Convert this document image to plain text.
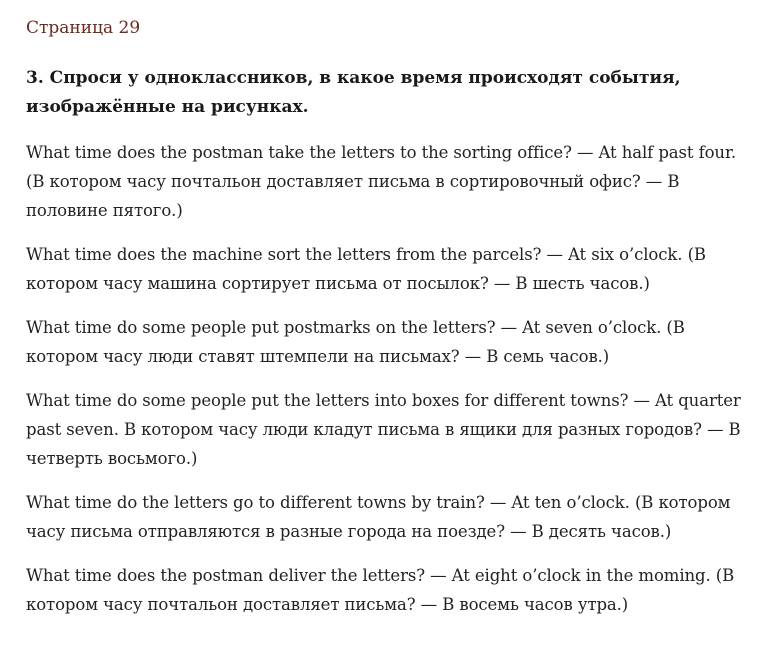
Страница 29
3. Спроси у одноклассников, в какое время происходят события, изображённые на рисунках.

What time does the postman take the letters to the sorting office? — At half past four. (В котором часу почтальон доставляет письма в сортировочный офис? — В половине пятого.)

What time does the machine sort the letters from the parcels? — At six o’clock. (В котором часу машина сортирует письма от посылок? — В шесть часов.)

What time do some people put postmarks on the letters? — At seven o’clock. (В котором часу люди ставят штемпели на письмах? — В семь часов.)

What time do some people put the letters into boxes for different towns? — At quarter past seven. В котором часу люди кладут письма в ящики для разных городов? — В четверть восьмого.)

What time do the letters go to different towns by train? — At ten o’clock. (В котором часу письма отправляются в разные города на поезде? — В десять часов.)

What time does the postman deliver the letters? — At eight o’clock in the moming. (В котором часу почтальон доставляет письма? — В восемь часов утра.)
